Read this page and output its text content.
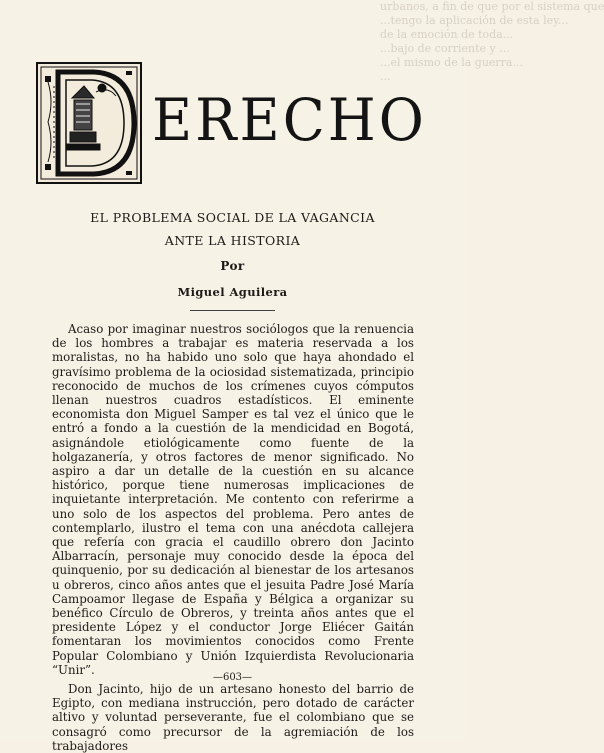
urbanos, a fin de que por el sistema que
...tengo la aplicación de esta ley...
de la emoción de toda...
...bajo de corriente y ...
...el mismo de la guerra...
...
ERECHO
EL PROBLEMA SOCIAL DE LA VAGANCIA
ANTE LA HISTORIA
Por
Miguel Aguilera

Acaso por imaginar nuestros sociólogos que la renuencia de los hombres a trabajar es materia reservada a los moralistas, no ha habido uno solo que haya ahondado el gravísimo problema de la ociosidad sistematizada, principio reconocido de muchos de los crímenes cuyos cómputos llenan nuestros cuadros estadísticos. El eminente economista don Miguel Samper es tal vez el único que le entró a fondo a la cuestión de la mendicidad en Bogotá, asignándole etiológicamente como fuente de la holgazanería, y otros factores de menor significado. No aspiro a dar un detalle de la cuestión en su alcance histórico, porque tiene numerosas implicaciones de inquietante interpretación. Me contento con referirme a uno solo de los aspectos del problema. Pero antes de contemplarlo, ilustro el tema con una anécdota callejera que refería con gracia el caudillo obrero don Jacinto Albarracín, personaje muy conocido desde la época del quinquenio, por su dedicación al bienestar de los artesanos u obreros, cinco años antes que el jesuita Padre José María Campoamor llegase de España y Bélgica a organizar su benéfico Círculo de Obreros, y treinta años antes que el presidente López y el conductor Jorge Eliécer Gaitán fomentaran los movimientos conocidos como Frente Popular Colombiano y Unión Izquierdista Revolucionaria “Unir”.

Don Jacinto, hijo de un artesano honesto del barrio de Egipto, con mediana instrucción, pero dotado de carácter altivo y voluntad perseverante, fue el colombiano que se consagró como precursor de la agremiación de los trabajadores

—603—
